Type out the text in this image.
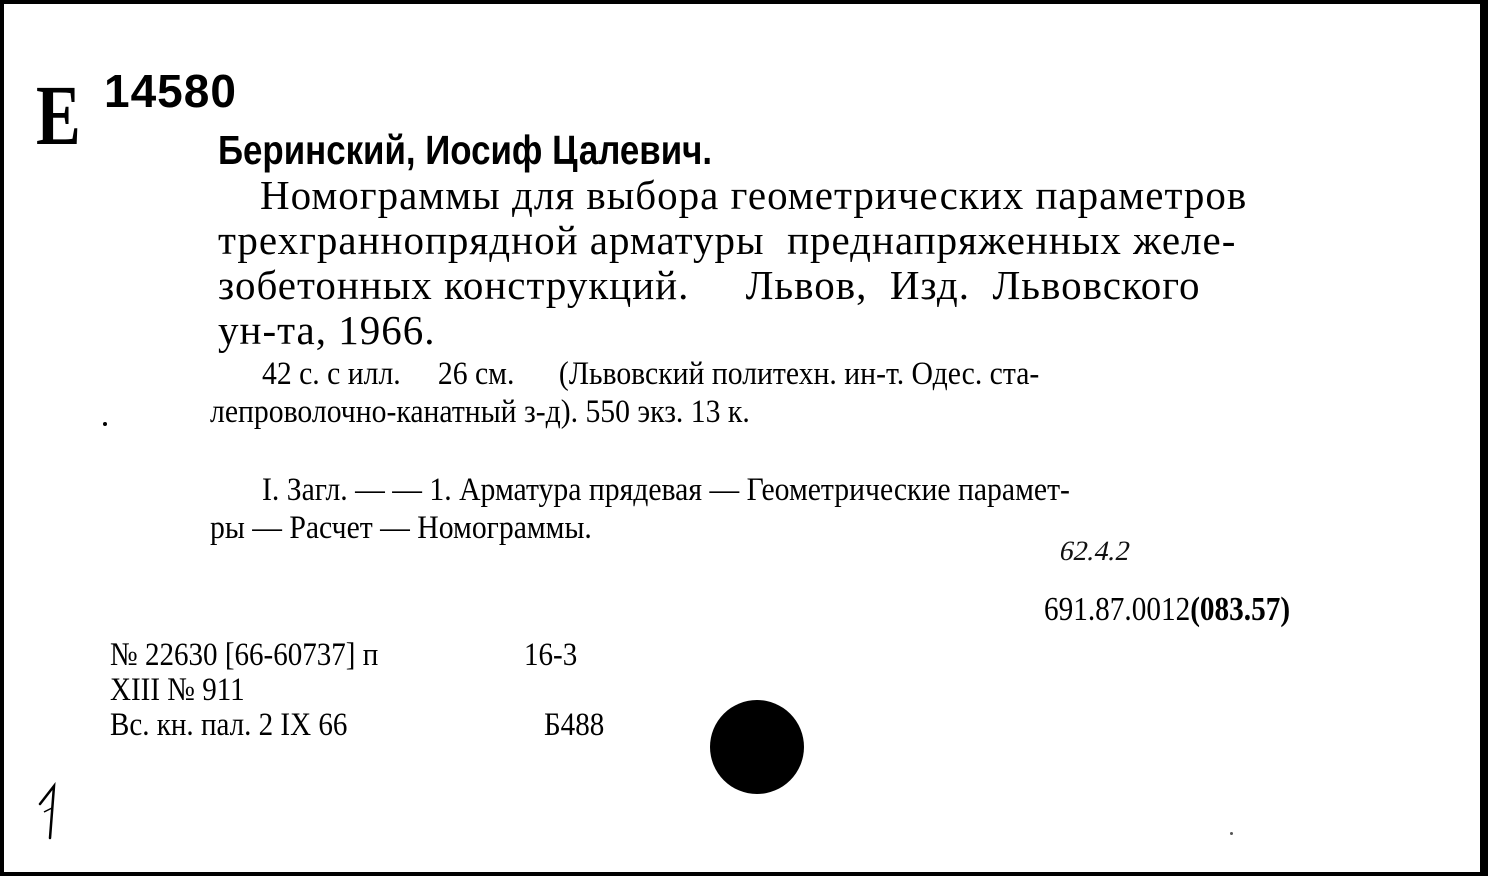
Е 14580
Беринский, Иосиф Цалевич.
Номограммы для выбора геометрических параметров
трехграннопрядной арматуры  преднапряженных желе-
зобетонных конструкций.     Львов,  Изд.  Львовского
ун-та, 1966.
42 с. с илл.     26 см.      (Львовский политехн. ин-т. Одес. ста-
лепроволочно-канатный з-д). 550 экз. 13 к.
I. Загл. — — 1. Арматура прядевая — Геометрические парамет-
ры — Расчет — Номограммы.
62.4.2
691.87.0012(083.57)
№ 22630 [66-60737] п	16-3
XIII № 911
Вс. кн. пал. 2 IX 66	Б488
